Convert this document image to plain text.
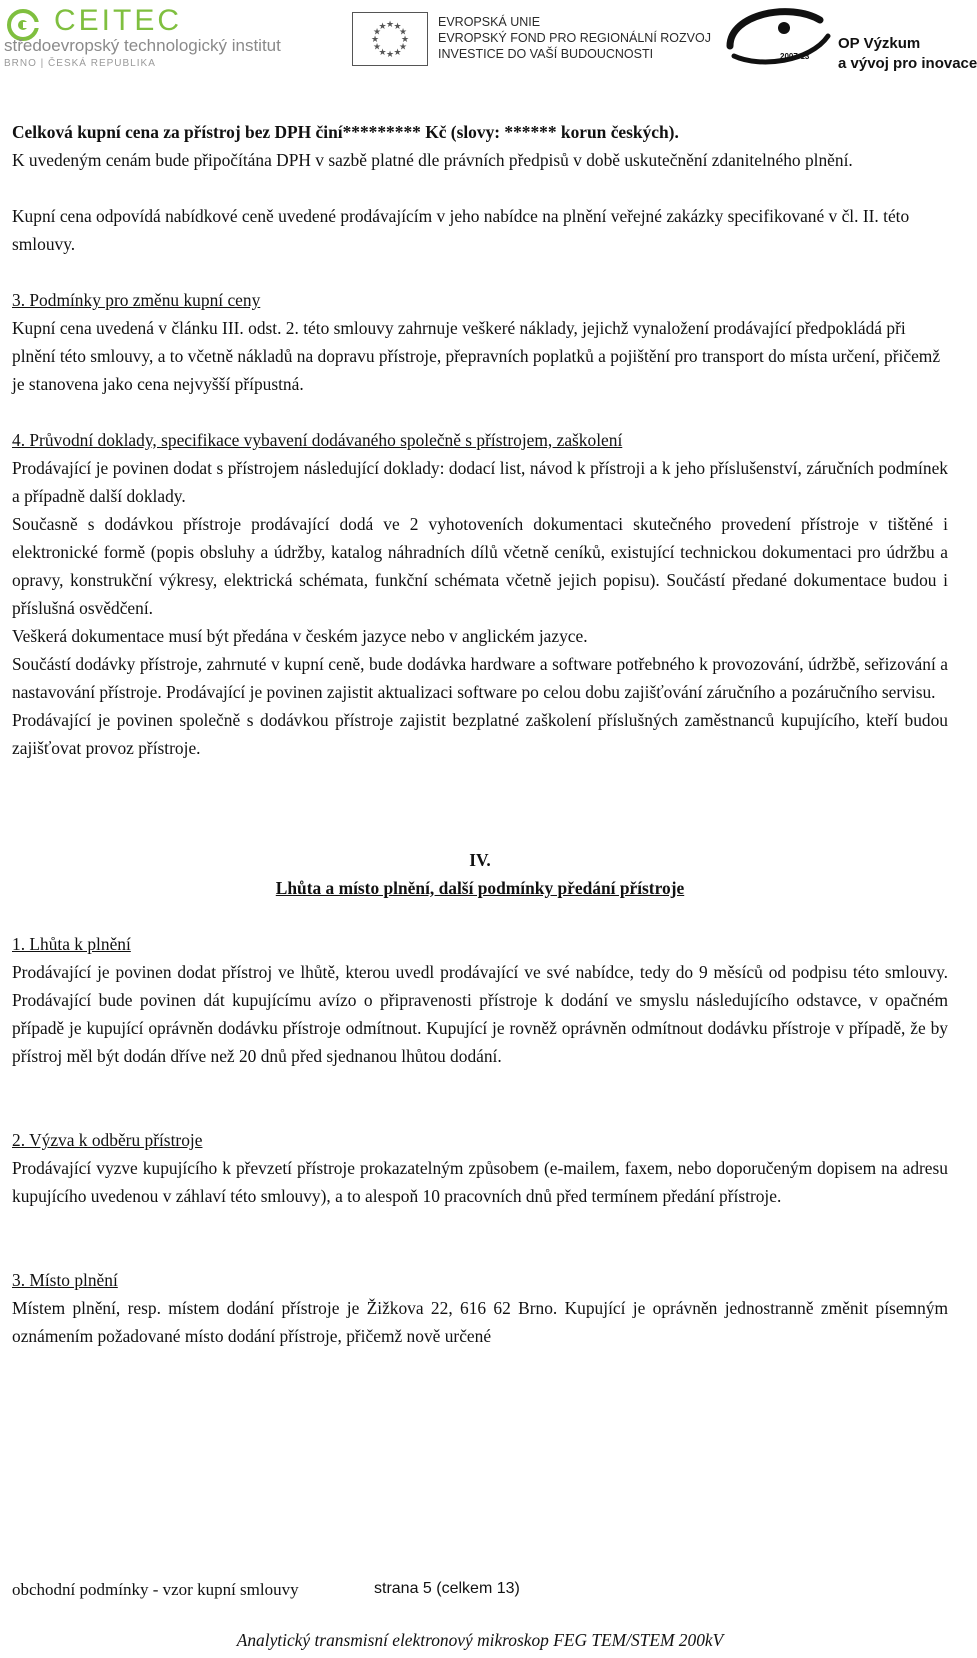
CEITEC
středoevropský technologický institut
BRNO | ČESKÁ REPUBLIKA
★ ★
★
★
★
★
★
★
★
★
★
★	EVROPSKÁ UNIE
EVROPSKÝ FOND PRO REGIONÁLNÍ ROZVOJ
INVESTICE DO VAŠÍ BUDOUCNOSTI	2007-13
OP Výzkum
a vývoj pro inovace

Celková kupní cena za přístroj bez DPH činí********* Kč (slovy: ****** korun českých).

K uvedeným cenám bude připočítána DPH v sazbě platné dle právních předpisů v době uskutečnění zdanitelného plnění.

Kupní cena odpovídá nabídkové ceně uvedené prodávajícím v jeho nabídce na plnění veřejné zakázky specifikované v čl. II. této smlouvy.

3. Podmínky pro změnu kupní ceny

Kupní cena uvedená v článku III. odst. 2. této smlouvy zahrnuje veškeré náklady, jejichž vynaložení prodávající předpokládá při plnění této smlouvy, a to včetně nákladů na dopravu přístroje, přepravních poplatků a pojištění pro transport do místa určení, přičemž je stanovena jako cena nejvyšší přípustná.

4. Průvodní doklady, specifikace vybavení dodávaného společně s přístrojem, zaškolení

Prodávající je povinen dodat s přístrojem následující doklady: dodací list, návod k přístroji a k jeho příslušenství, záručních podmínek a případně další doklady.

Současně s dodávkou přístroje prodávající dodá ve 2 vyhotoveních dokumentaci skutečného provedení přístroje v tištěné i elektronické formě (popis obsluhy a údržby, katalog náhradních dílů včetně ceníků, existující technickou dokumentaci pro údržbu a opravy, konstrukční výkresy, elektrická schémata, funkční schémata včetně jejich popisu). Součástí předané dokumentace budou i příslušná osvědčení.

Veškerá dokumentace musí být předána v českém jazyce nebo v anglickém jazyce.

Součástí dodávky přístroje, zahrnuté v kupní ceně, bude dodávka hardware a software potřebného k provozování, údržbě, seřizování a nastavování přístroje. Prodávající je povinen zajistit aktualizaci software po celou dobu zajišťování záručního a pozáručního servisu.

Prodávající je povinen společně s dodávkou přístroje zajistit bezplatné zaškolení příslušných zaměstnanců kupujícího, kteří budou zajišťovat provoz přístroje.

IV.

Lhůta a místo plnění, další podmínky předání přístroje

1. Lhůta k plnění

Prodávající je povinen dodat přístroj ve lhůtě, kterou uvedl prodávající ve své nabídce, tedy do 9 měsíců od podpisu této smlouvy. Prodávající bude povinen dát kupujícímu avízo o připravenosti přístroje k dodání ve smyslu následujícího odstavce, v opačném případě je kupující oprávněn dodávku přístroje odmítnout. Kupující je rovněž oprávněn odmítnout dodávku přístroje v případě, že by přístroj měl být dodán dříve než 20 dnů před sjednanou lhůtou dodání.

2. Výzva k odběru přístroje

Prodávající vyzve kupujícího k převzetí přístroje prokazatelným způsobem (e-mailem, faxem, nebo doporučeným dopisem na adresu kupujícího uvedenou v záhlaví této smlouvy), a to alespoň 10 pracovních dnů před termínem předání přístroje.

3. Místo plnění

Místem plnění, resp. místem dodání přístroje je Žižkova 22, 616 62 Brno. Kupující je oprávněn jednostranně změnit písemným oznámením požadované místo dodání přístroje, přičemž nově určené

obchodní podmínky - vzor kupní smlouvy	strana 5 (celkem 13)
Analytický transmisní elektronový mikroskop FEG TEM/STEM 200kV
